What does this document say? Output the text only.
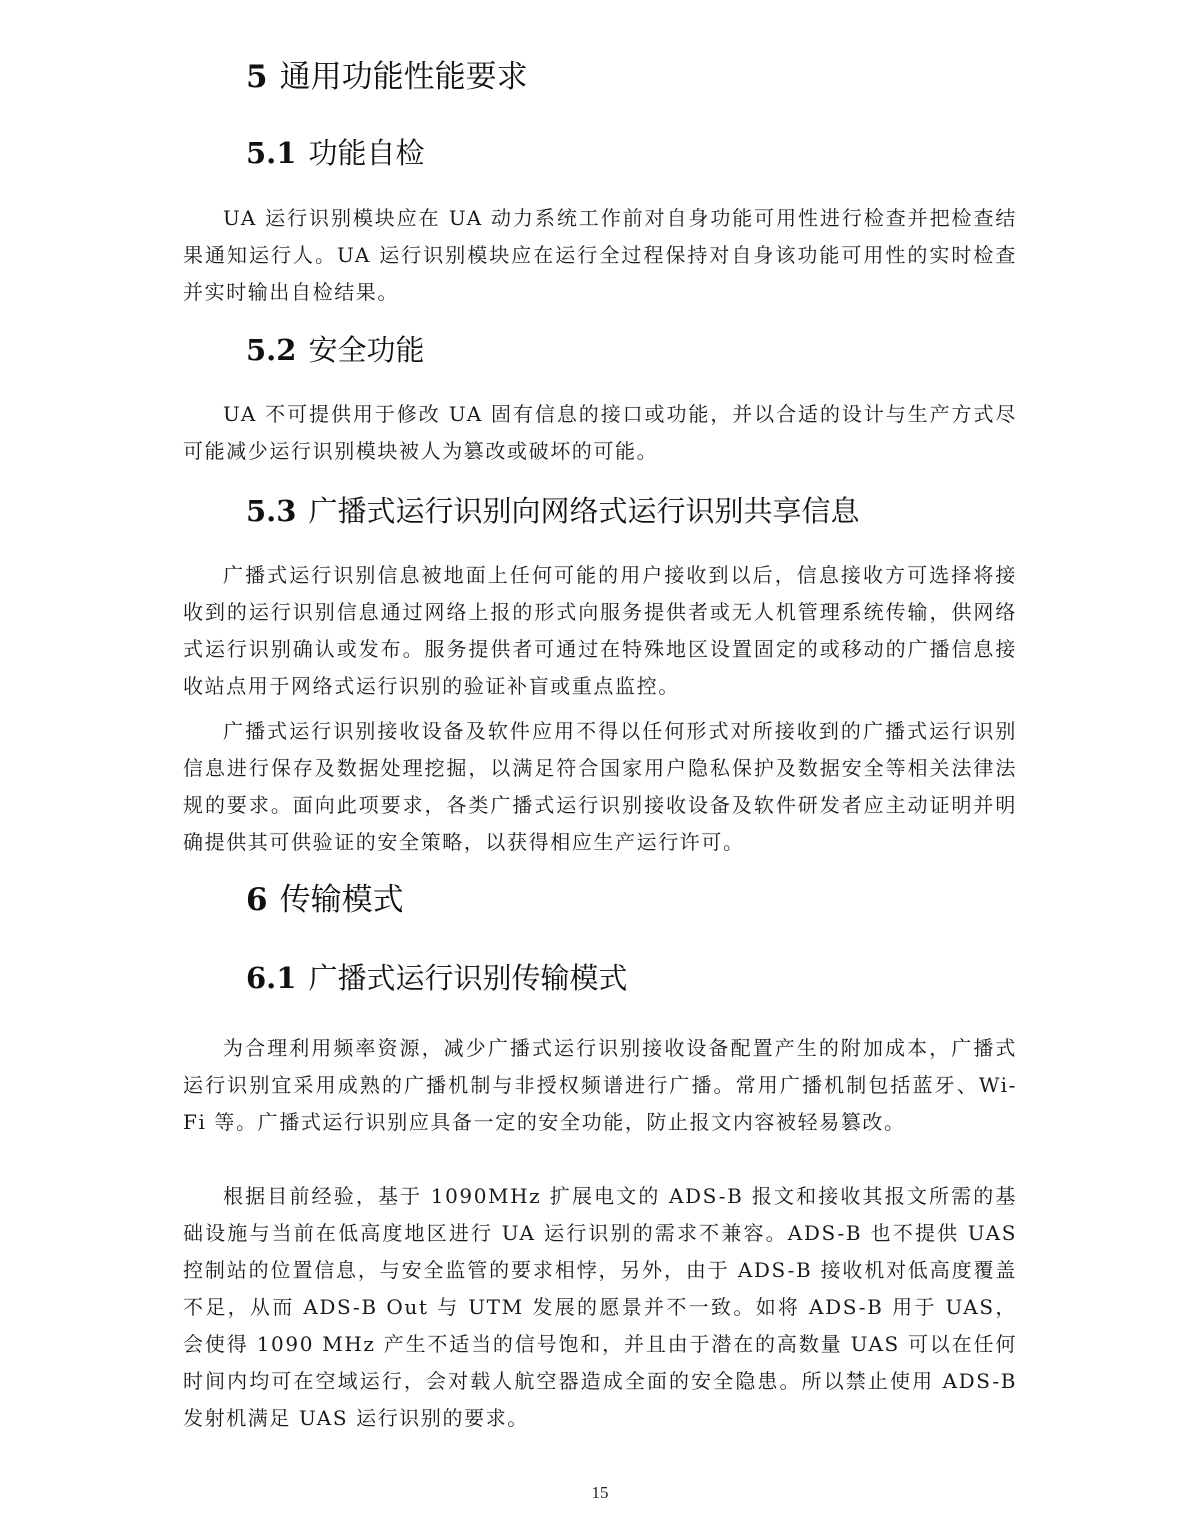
5 通用功能性能要求
5.1 功能自检

UA 运行识别模块应在 UA 动力系统工作前对自身功能可用性进行检查并把检查结果通知运行人。UA 运行识别模块应在运行全过程保持对自身该功能可用性的实时检查并实时输出自检结果。

5.2 安全功能

UA 不可提供用于修改 UA 固有信息的接口或功能，并以合适的设计与生产方式尽可能减少运行识别模块被人为篡改或破坏的可能。

5.3 广播式运行识别向网络式运行识别共享信息

广播式运行识别信息被地面上任何可能的用户接收到以后，信息接收方可选择将接收到的运行识别信息通过网络上报的形式向服务提供者或无人机管理系统传输，供网络式运行识别确认或发布。服务提供者可通过在特殊地区设置固定的或移动的广播信息接收站点用于网络式运行识别的验证补盲或重点监控。

广播式运行识别接收设备及软件应用不得以任何形式对所接收到的广播式运行识别信息进行保存及数据处理挖掘，以满足符合国家用户隐私保护及数据安全等相关法律法规的要求。面向此项要求，各类广播式运行识别接收设备及软件研发者应主动证明并明确提供其可供验证的安全策略，以获得相应生产运行许可。

6 传输模式
6.1 广播式运行识别传输模式

为合理利用频率资源，减少广播式运行识别接收设备配置产生的附加成本，广播式运行识别宜采用成熟的广播机制与非授权频谱进行广播。常用广播机制包括蓝牙、Wi-Fi 等。广播式运行识别应具备一定的安全功能，防止报文内容被轻易篡改。

根据目前经验，基于 1090MHz 扩展电文的 ADS-B 报文和接收其报文所需的基础设施与当前在低高度地区进行 UA 运行识别的需求不兼容。ADS-B 也不提供 UAS 控制站的位置信息，与安全监管的要求相悖，另外，由于 ADS-B 接收机对低高度覆盖不足，从而 ADS-B Out 与 UTM 发展的愿景并不一致。如将 ADS-B 用于 UAS，会使得 1090 MHz 产生不适当的信号饱和，并且由于潜在的高数量 UAS 可以在任何时间内均可在空域运行，会对载人航空器造成全面的安全隐患。所以禁止使用 ADS-B 发射机满足 UAS 运行识别的要求。

15
